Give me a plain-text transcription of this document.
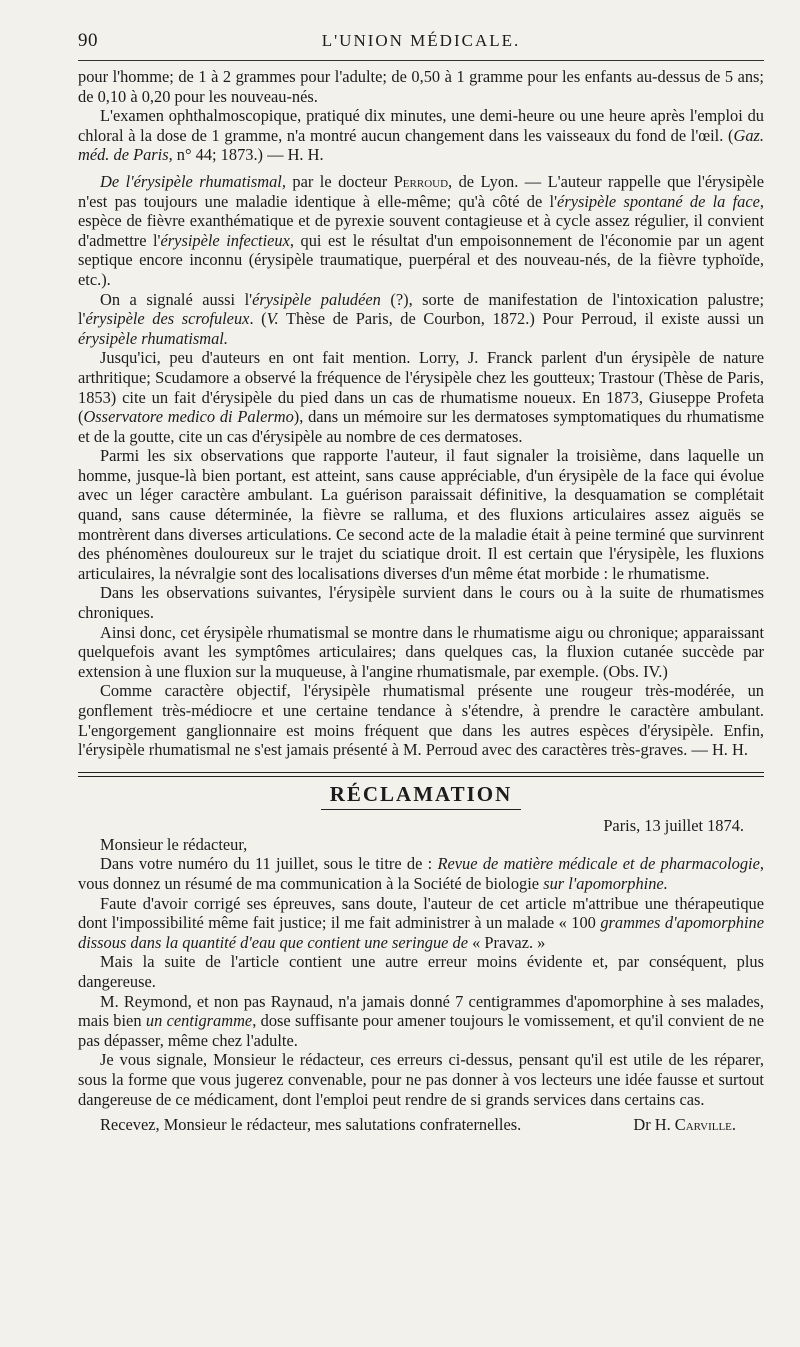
90	L'UNION MÉDICALE.

pour l'homme; de 1 à 2 grammes pour l'adulte; de 0,50 à 1 gramme pour les enfants au-dessus de 5 ans; de 0,10 à 0,20 pour les nouveau-nés.

L'examen ophthalmoscopique, pratiqué dix minutes, une demi-heure ou une heure après l'emploi du chloral à la dose de 1 gramme, n'a montré aucun changement dans les vaisseaux du fond de l'œil. (Gaz. méd. de Paris, n° 44; 1873.) — H. H.

De l'érysipèle rhumatismal, par le docteur Perroud, de Lyon. — L'auteur rappelle que l'érysipèle n'est pas toujours une maladie identique à elle-même; qu'à côté de l'érysipèle spontané de la face, espèce de fièvre exanthématique et de pyrexie souvent contagieuse et à cycle assez régulier, il convient d'admettre l'érysipèle infectieux, qui est le résultat d'un empoisonnement de l'économie par un agent septique encore inconnu (érysipèle traumatique, puerpéral et des nouveau-nés, de la fièvre typhoïde, etc.).

On a signalé aussi l'érysipèle paludéen (?), sorte de manifestation de l'intoxication palustre; l'érysipèle des scrofuleux. (V. Thèse de Paris, de Courbon, 1872.) Pour Perroud, il existe aussi un érysipèle rhumatismal.

Jusqu'ici, peu d'auteurs en ont fait mention. Lorry, J. Franck parlent d'un érysipèle de nature arthritique; Scudamore a observé la fréquence de l'érysipèle chez les goutteux; Trastour (Thèse de Paris, 1853) cite un fait d'érysipèle du pied dans un cas de rhumatisme noueux. En 1873, Giuseppe Profeta (Osservatore medico di Palermo), dans un mémoire sur les dermatoses symptomatiques du rhumatisme et de la goutte, cite un cas d'érysipèle au nombre de ces dermatoses.

Parmi les six observations que rapporte l'auteur, il faut signaler la troisième, dans laquelle un homme, jusque-là bien portant, est atteint, sans cause appréciable, d'un érysipèle de la face qui évolue avec un léger caractère ambulant. La guérison paraissait définitive, la desquamation se complétait quand, sans cause déterminée, la fièvre se ralluma, et des fluxions articulaires assez aiguës se montrèrent dans diverses articulations. Ce second acte de la maladie était à peine terminé que survinrent des phénomènes douloureux sur le trajet du sciatique droit. Il est certain que l'érysipèle, les fluxions articulaires, la névralgie sont des localisations diverses d'un même état morbide : le rhumatisme.

Dans les observations suivantes, l'érysipèle survient dans le cours ou à la suite de rhumatismes chroniques.

Ainsi donc, cet érysipèle rhumatismal se montre dans le rhumatisme aigu ou chronique; apparaissant quelquefois avant les symptômes articulaires; dans quelques cas, la fluxion cutanée succède par extension à une fluxion sur la muqueuse, à l'angine rhumatismale, par exemple. (Obs. IV.)

Comme caractère objectif, l'érysipèle rhumatismal présente une rougeur très-modérée, un gonflement très-médiocre et une certaine tendance à s'étendre, à prendre le caractère ambulant. L'engorgement ganglionnaire est moins fréquent que dans les autres espèces d'érysipèle. Enfin, l'érysipèle rhumatismal ne s'est jamais présenté à M. Perroud avec des caractères très-graves. — H. H.

RÉCLAMATION
Paris, 13 juillet 1874.

Monsieur le rédacteur,

Dans votre numéro du 11 juillet, sous le titre de : Revue de matière médicale et de pharmacologie, vous donnez un résumé de ma communication à la Société de biologie sur l'apomorphine.

Faute d'avoir corrigé ses épreuves, sans doute, l'auteur de cet article m'attribue une thérapeutique dont l'impossibilité même fait justice; il me fait administrer à un malade « 100 grammes d'apomorphine dissous dans la quantité d'eau que contient une seringue de « Pravaz. »

Mais la suite de l'article contient une autre erreur moins évidente et, par conséquent, plus dangereuse.

M. Reymond, et non pas Raynaud, n'a jamais donné 7 centigrammes d'apomorphine à ses malades, mais bien un centigramme, dose suffisante pour amener toujours le vomissement, et qu'il convient de ne pas dépasser, même chez l'adulte.

Je vous signale, Monsieur le rédacteur, ces erreurs ci-dessus, pensant qu'il est utile de les réparer, sous la forme que vous jugerez convenable, pour ne pas donner à vos lecteurs une idée fausse et surtout dangereuse de ce médicament, dont l'emploi peut rendre de si grands services dans certains cas.

Recevez, Monsieur le rédacteur, mes salutations confraternelles.	Dr H. Carville.
